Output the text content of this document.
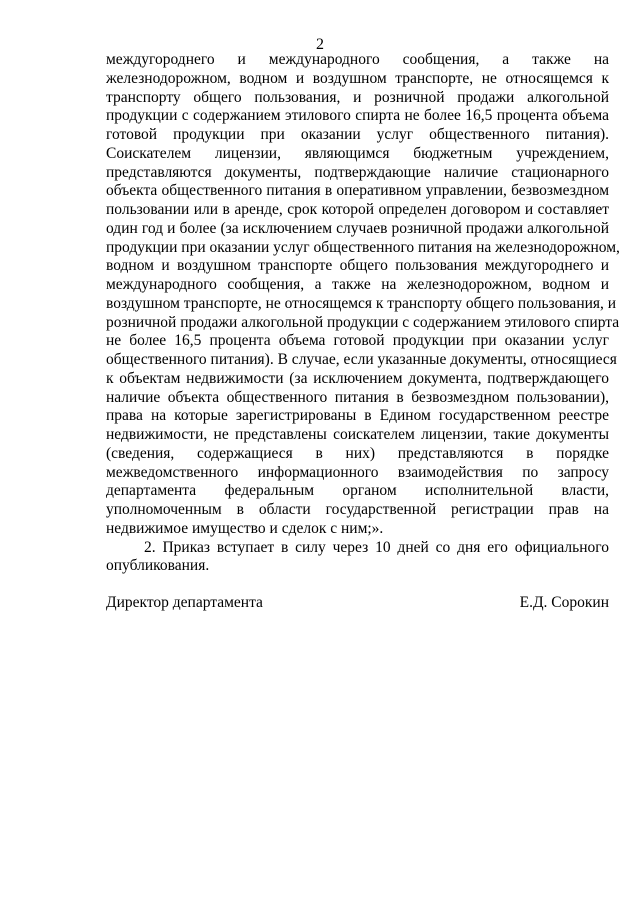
2
междугороднего и международного сообщения, а также на
железнодорожном, водном и воздушном транспорте, не относящемся к
транспорту общего пользования, и розничной продажи алкогольной
продукции с содержанием этилового спирта не более 16,5 процента объема
готовой продукции при оказании услуг общественного питания).
Соискателем лицензии, являющимся бюджетным учреждением,
представляются документы, подтверждающие наличие стационарного
объекта общественного питания в оперативном управлении, безвозмездном
пользовании или в аренде, срок которой определен договором и составляет
один год и более (за исключением случаев розничной продажи алкогольной
продукции при оказании услуг общественного питания на железнодорожном,
водном и воздушном транспорте общего пользования междугороднего и
международного сообщения, а также на железнодорожном, водном и
воздушном транспорте, не относящемся к транспорту общего пользования, и
розничной продажи алкогольной продукции с содержанием этилового спирта
не более 16,5 процента объема готовой продукции при оказании услуг
общественного питания). В случае, если указанные документы, относящиеся
к объектам недвижимости (за исключением документа, подтверждающего
наличие объекта общественного питания в безвозмездном пользовании),
права на которые зарегистрированы в Едином государственном реестре
недвижимости, не представлены соискателем лицензии, такие документы
(сведения, содержащиеся в них) представляются в порядке
межведомственного информационного взаимодействия по запросу
департамента федеральным органом исполнительной власти,
уполномоченным в области государственной регистрации прав на
недвижимое имущество и сделок с ним;».
2. Приказ вступает в силу через 10 дней со дня его официального
опубликования.
Директор департамента	Е.Д. Сорокин
